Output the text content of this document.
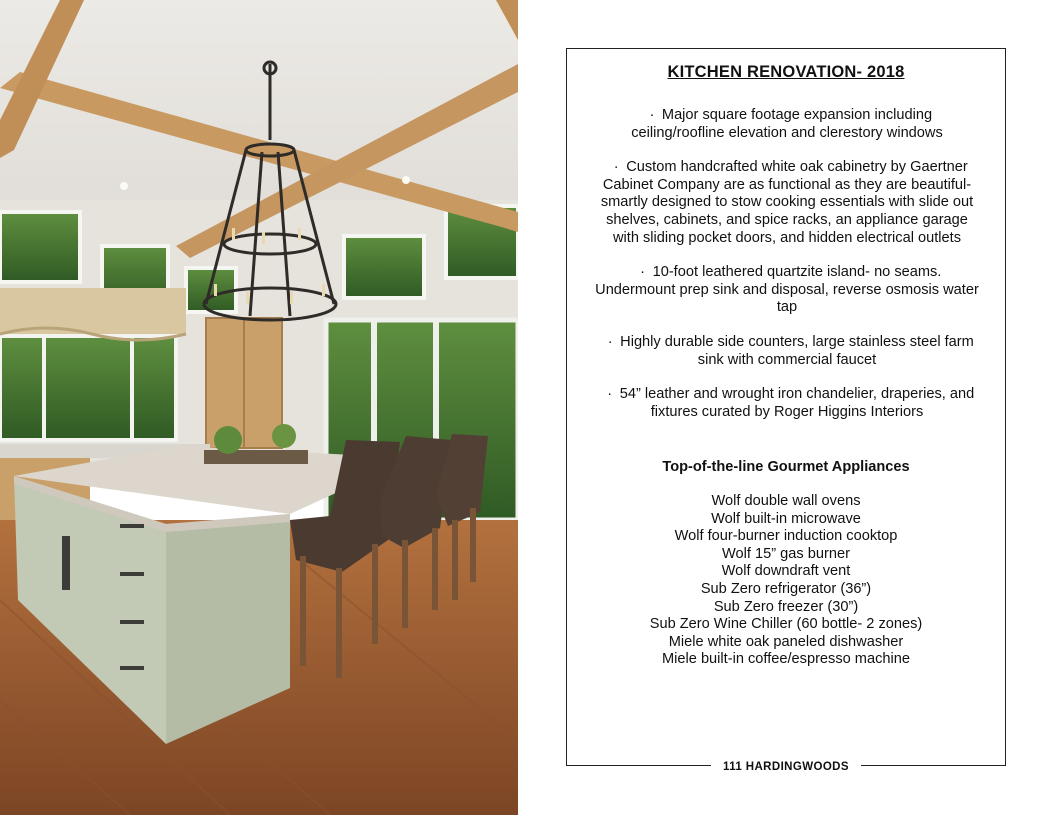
KITCHEN RENOVATION- 2018

· Major square footage expansion including ceiling/roofline elevation and clerestory windows

· Custom handcrafted white oak cabinetry by Gaertner Cabinet Company are as functional as they are beautiful- smartly designed to stow cooking essentials with slide out shelves, cabinets, and spice racks, an appliance garage with sliding pocket doors, and hidden electrical outlets

· 10-foot leathered quartzite island- no seams. Undermount prep sink and disposal, reverse osmosis water tap

· Highly durable side counters, large stainless steel farm sink with commercial faucet

· 54” leather and wrought iron chandelier, draperies, and fixtures curated by Roger Higgins Interiors

Top-of-the-line Gourmet Appliances
Wolf double wall ovens
Wolf built-in microwave
Wolf four-burner induction cooktop
Wolf 15” gas burner
Wolf downdraft vent
Sub Zero refrigerator (36”)
Sub Zero freezer (30”)
Sub Zero Wine Chiller (60 bottle- 2 zones)
Miele white oak paneled dishwasher
Miele built-in coffee/espresso machine
111 HARDINGWOODS
